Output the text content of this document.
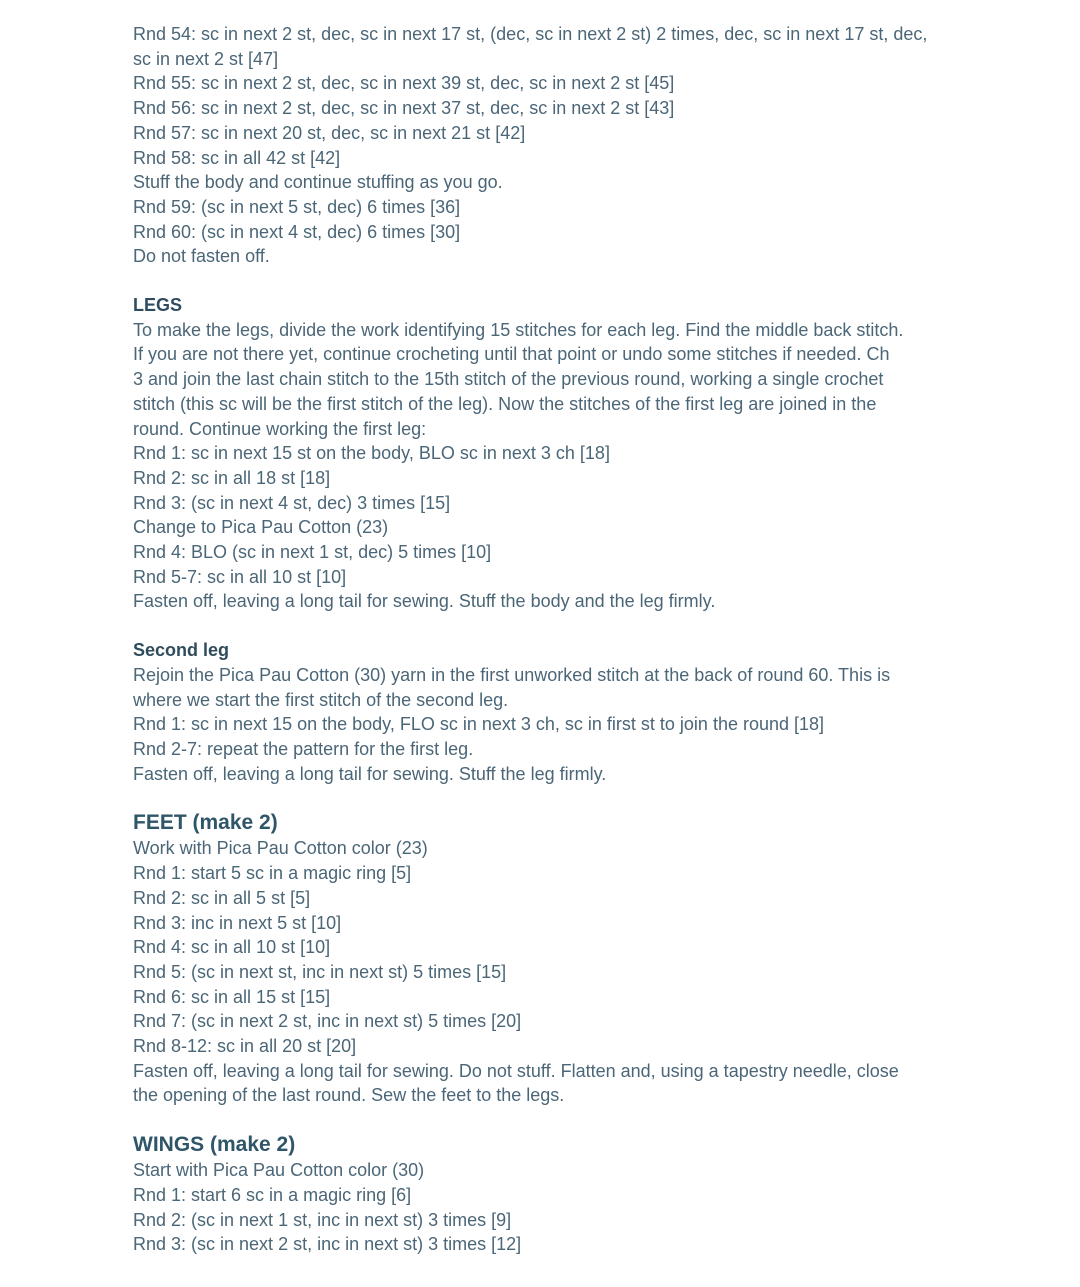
Rnd 54: sc in next 2 st, dec, sc in next 17 st, (dec, sc in next 2 st) 2 times, dec, sc in next 17 st, dec,
sc in next 2 st [47]
Rnd 55: sc in next 2 st, dec, sc in next 39 st, dec, sc in next 2 st [45]
Rnd 56: sc in next 2 st, dec, sc in next 37 st, dec, sc in next 2 st [43]
Rnd 57: sc in next 20 st, dec, sc in next 21 st [42]
Rnd 58: sc in all 42 st [42]
Stuff the body and continue stuffing as you go.
Rnd 59: (sc in next 5 st, dec) 6 times [36]
Rnd 60: (sc in next 4 st, dec) 6 times [30]
Do not fasten off.
LEGS
To make the legs, divide the work identifying 15 stitches for each leg. Find the middle back stitch.
If you are not there yet, continue crocheting until that point or undo some stitches if needed. Ch
3 and join the last chain stitch to the 15th stitch of the previous round, working a single crochet
stitch (this sc will be the first stitch of the leg). Now the stitches of the first leg are joined in the
round. Continue working the first leg:
Rnd 1: sc in next 15 st on the body, BLO sc in next 3 ch [18]
Rnd 2: sc in all 18 st [18]
Rnd 3: (sc in next 4 st, dec) 3 times [15]
Change to Pica Pau Cotton (23)
Rnd 4: BLO (sc in next 1 st, dec) 5 times [10]
Rnd 5-7: sc in all 10 st [10]
Fasten off, leaving a long tail for sewing. Stuff the body and the leg firmly.
Second leg
Rejoin the Pica Pau Cotton (30) yarn in the first unworked stitch at the back of round 60. This is
where we start the first stitch of the second leg.
Rnd 1: sc in next 15 on the body, FLO sc in next 3 ch, sc in first st to join the round [18]
Rnd 2-7: repeat the pattern for the first leg.
Fasten off, leaving a long tail for sewing. Stuff the leg firmly.
FEET (make 2)
Work with Pica Pau Cotton color (23)
Rnd 1: start 5 sc in a magic ring [5]
Rnd 2: sc in all 5 st [5]
Rnd 3: inc in next 5 st [10]
Rnd 4: sc in all 10 st [10]
Rnd 5: (sc in next st, inc in next st) 5 times [15]
Rnd 6: sc in all 15 st [15]
Rnd 7: (sc in next 2 st, inc in next st) 5 times [20]
Rnd 8-12: sc in all 20 st [20]
Fasten off, leaving a long tail for sewing. Do not stuff. Flatten and, using a tapestry needle, close
the opening of the last round. Sew the feet to the legs.
WINGS (make 2)
Start with Pica Pau Cotton color (30)
Rnd 1: start 6 sc in a magic ring [6]
Rnd 2: (sc in next 1 st, inc in next st) 3 times [9]
Rnd 3: (sc in next 2 st, inc in next st) 3 times [12]
